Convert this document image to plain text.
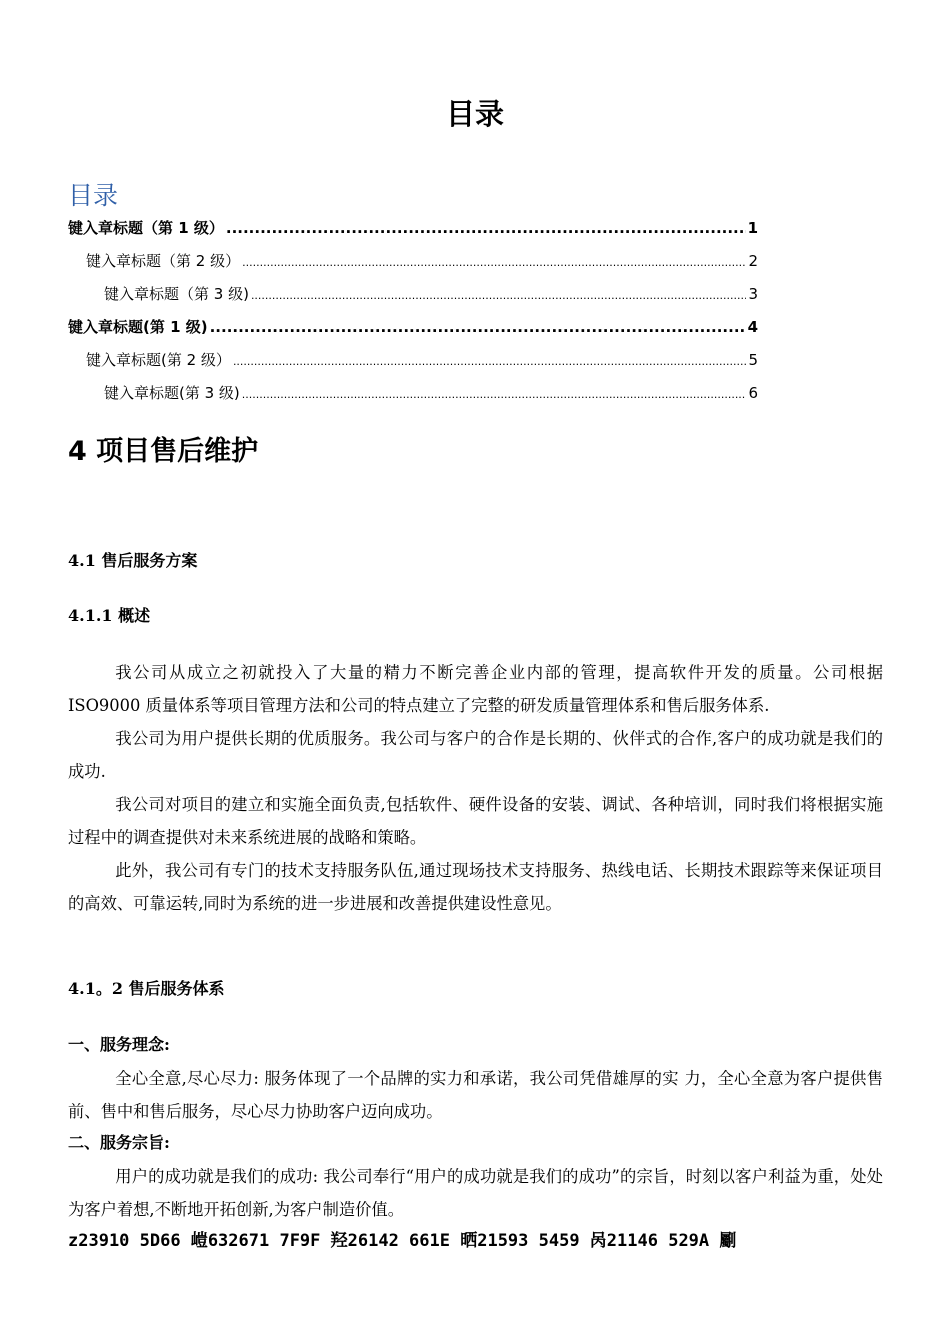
目录
目录
键入章标题（第 1 级） .....	1
键入章标题（第 2 级） .....	2
键入章标题（第 3 级) .....	3
键入章标题(第 1 级) .....	4
键入章标题(第 2 级） .....	5
键入章标题(第 3 级) .....	6
4 项目售后维护
4.1 售后服务方案
4.1.1 概述

我公司从成立之初就投入了大量的精力不断完善企业内部的管理，提高软件开发的质量。公司根据 ISO9000 质量体系等项目管理方法和公司的特点建立了完整的研发质量管理体系和售后服务体系.

我公司为用户提供长期的优质服务。我公司与客户的合作是长期的、伙伴式的合作,客户的成功就是我们的成功.

我公司对项目的建立和实施全面负责,包括软件、硬件设备的安装、调试、各种培训，同时我们将根据实施过程中的调查提供对未来系统进展的战略和策略。

此外，我公司有专门的技术支持服务队伍,通过现场技术支持服务、热线电话、长期技术跟踪等来保证项目的高效、可靠运转,同时为系统的进一步进展和改善提供建设性意见。

4.1。2 售后服务体系
一、服务理念:

全心全意,尽心尽力: 服务体现了一个品牌的实力和承诺，我公司凭借雄厚的实 力，全心全意为客户提供售前、售中和售后服务，尽心尽力协助客户迈向成功。

二、服务宗旨:

用户的成功就是我们的成功: 我公司奉行“用户的成功就是我们的成功”的宗旨，时刻以客户利益为重，处处为客户着想,不断地开拓创新,为客户制造价值。

z23910 5D66 嵦632671 7F9F 羟26142 661E 晒21593 5459 呙21146 529A 劚
